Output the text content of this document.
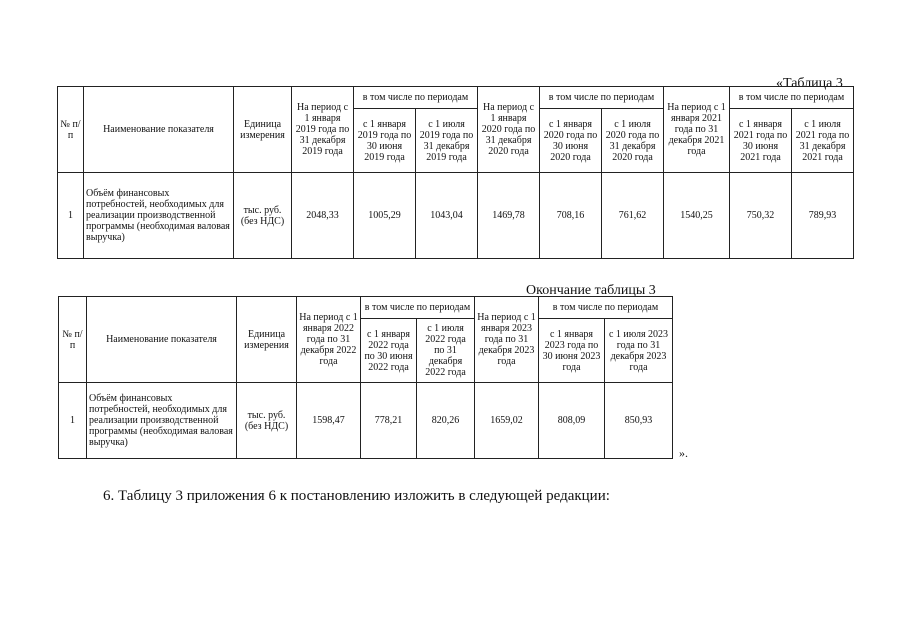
«Таблица 3
№ п/п	Наименование показателя	Единица измерения	На период с 1 января 2019 года по 31 декабря 2019 года	в том числе по периодам		На период с 1 января 2020 года по 31 декабря 2020 года	в том числе по периодам		На период с 1 января 2021 года по 31 декабря 2021 года	в том числе по периодам	
				с 1 января 2019 года по 30 июня 2019 года	с 1 июля 2019 года по 31 декабря 2019 года		с 1 января 2020 года по 30 июня 2020 года	с 1 июля 2020 года по 31 декабря 2020 года		с 1 января 2021 года по 30 июня 2021 года	с 1 июля 2021 года по 31 декабря 2021 года
1	Объём финансовых потребностей, необходимых для реализации производственной программы (необходимая валовая выручка)	тыс. руб. (без НДС)	2048,33	1005,29	1043,04	1469,78	708,16	761,62	1540,25	750,32	789,93
Окончание таблицы 3
№ п/п	Наименование показателя	Единица измерения	На период с 1 января 2022 года по 31 декабря 2022 года	в том числе по периодам		На период с 1 января 2023 года по 31 декабря 2023 года	в том числе по периодам	
				с 1 января 2022 года по 30 июня 2022 года	с 1 июля 2022 года по 31 декабря 2022 года		с 1 января 2023 года по 30 июня 2023 года	с 1 июля 2023 года по 31 декабря 2023 года
1	Объём финансовых потребностей, необходимых для реализации производственной программы (необходимая валовая выручка)	тыс. руб. (без НДС)	1598,47	778,21	820,26	1659,02	808,09	850,93
».
6. Таблицу 3 приложения 6 к постановлению изложить в следующей редакции:
